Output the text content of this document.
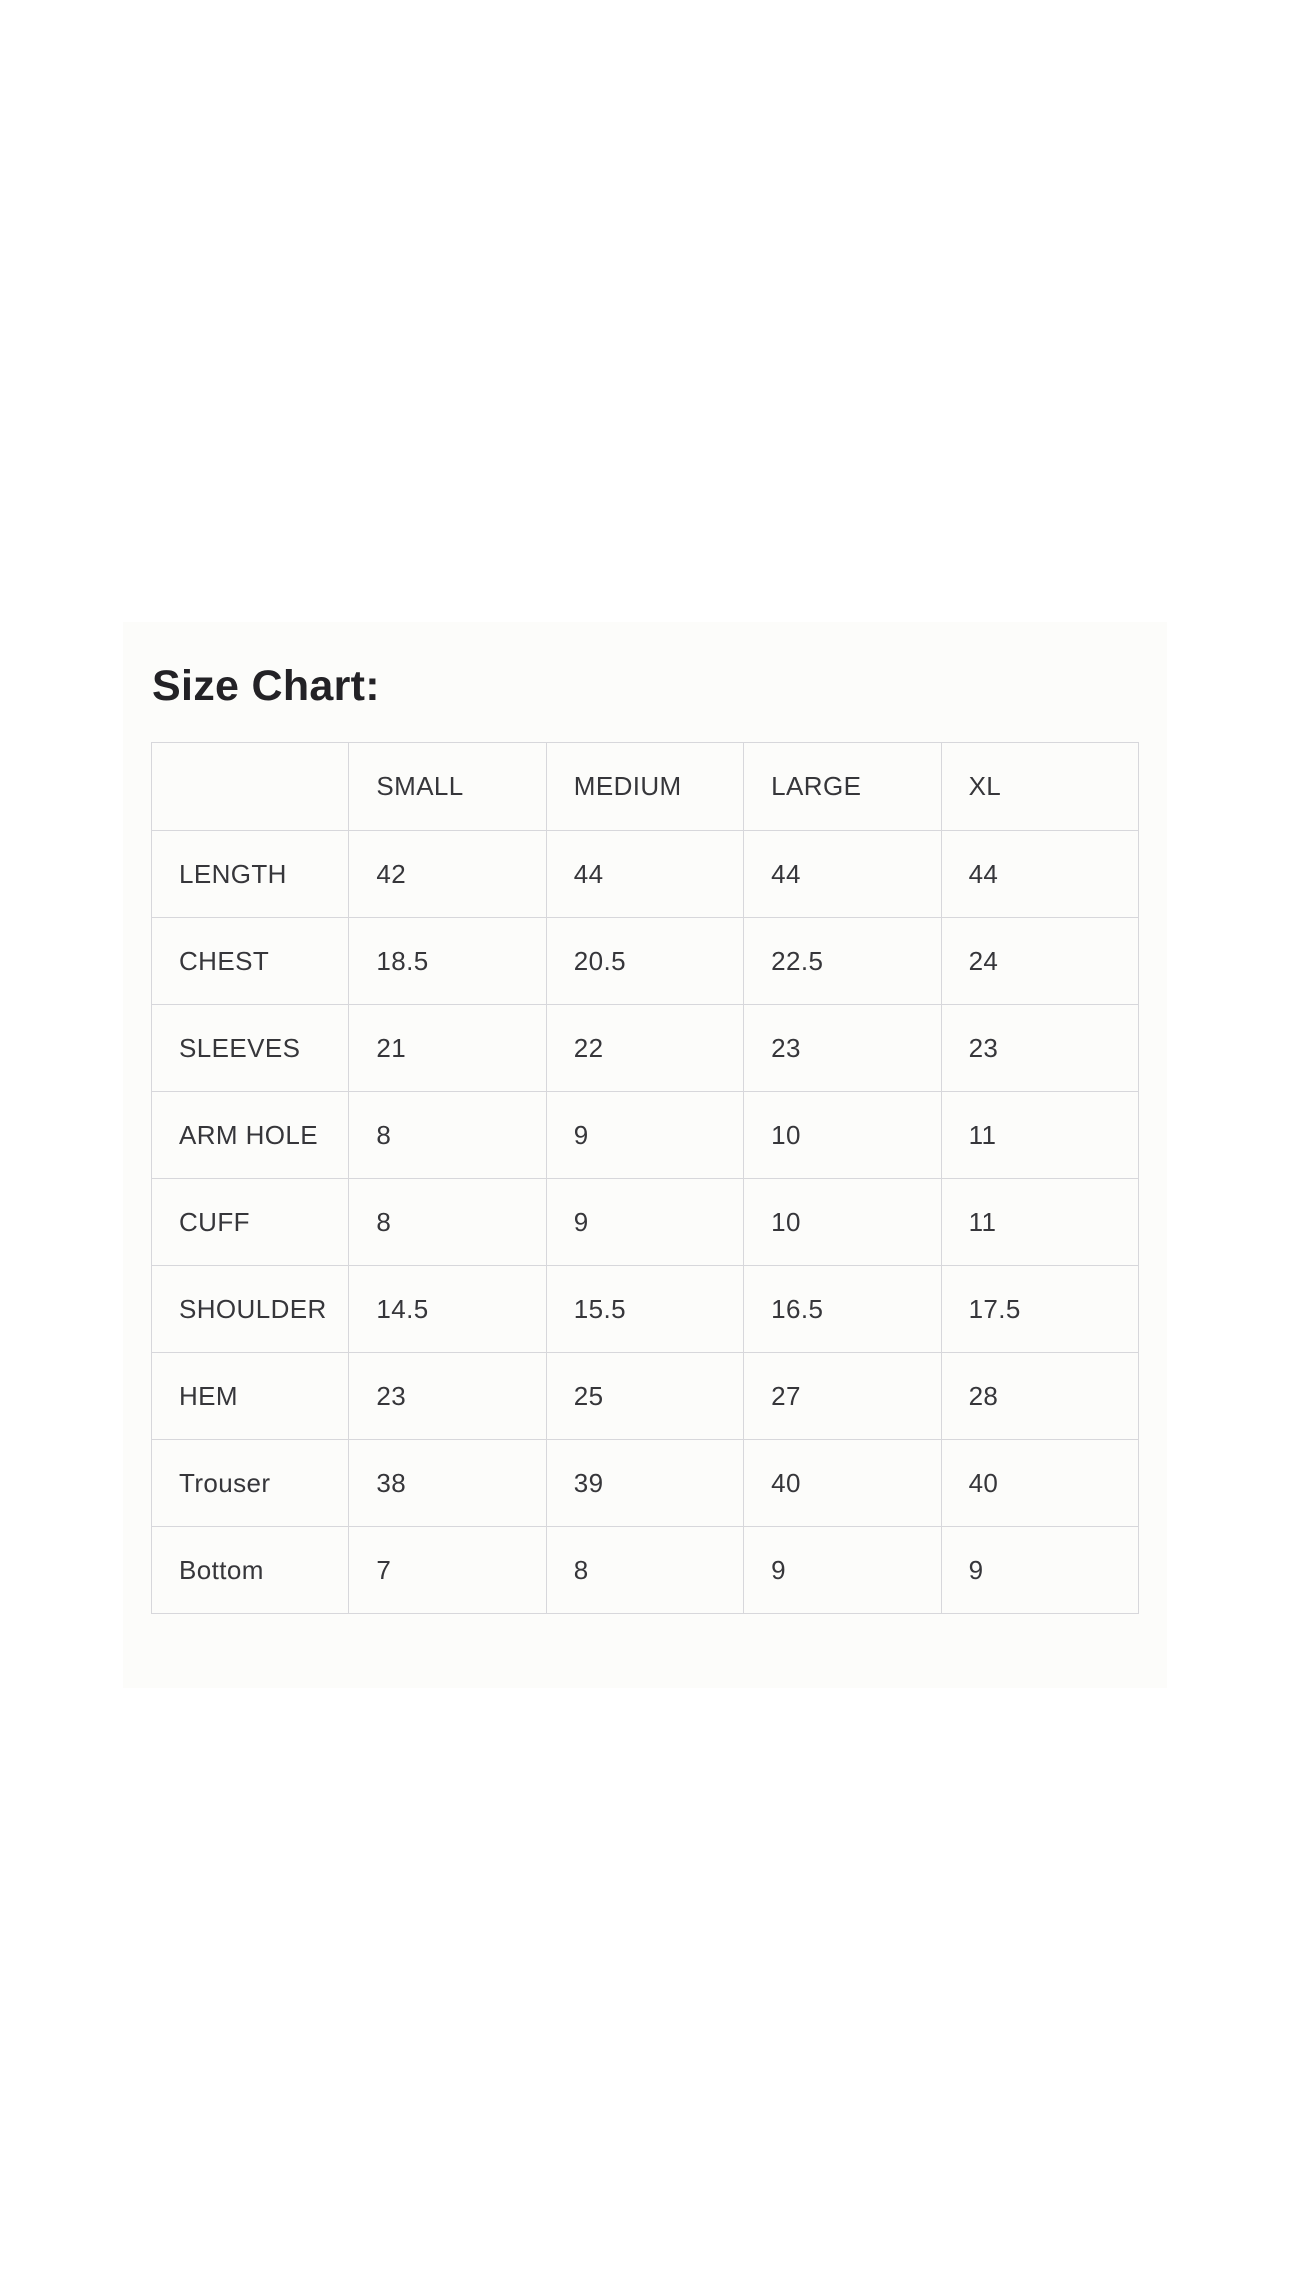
Size Chart:
	SMALL	MEDIUM	LARGE	XL
LENGTH	42	44	44	44
CHEST	18.5	20.5	22.5	24
SLEEVES	21	22	23	23
ARM HOLE	8	9	10	11
CUFF	8	9	10	11
SHOULDER	14.5	15.5	16.5	17.5
HEM	23	25	27	28
Trouser	38	39	40	40
Bottom	7	8	9	9
